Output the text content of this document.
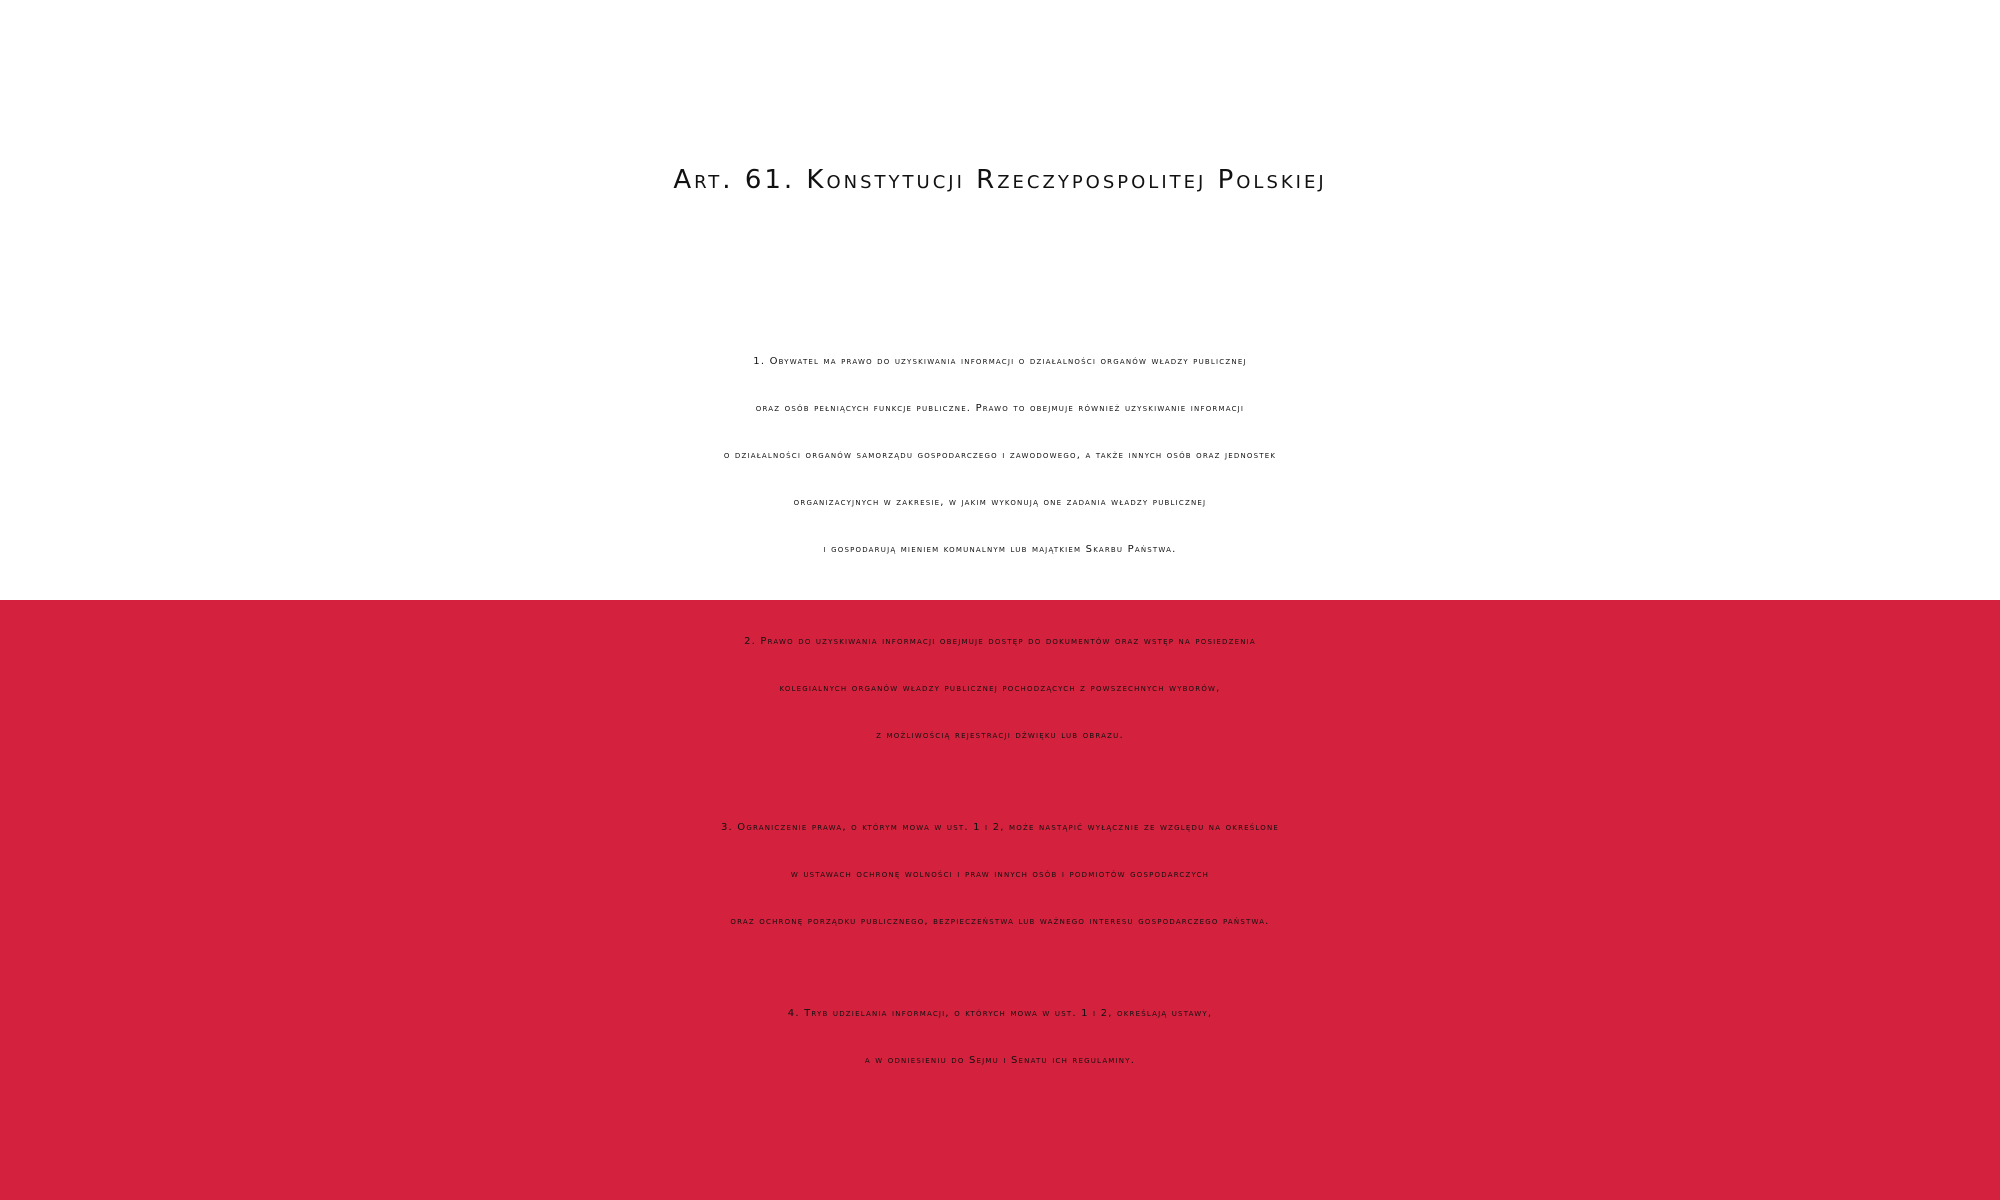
Art. 61. Konstytucji Rzeczypospolitej Polskiej
1. Obywatel ma prawo do uzyskiwania informacji o działalności organów władzy publicznej
oraz osób pełniących funkcje publiczne. Prawo to obejmuje również uzyskiwanie informacji
o działalności organów samorządu gospodarczego i zawodowego, a także innych osób oraz jednostek
organizacyjnych w zakresie, w jakim wykonują one zadania władzy publicznej
i gospodarują mieniem komunalnym lub majątkiem Skarbu Państwa.
2. Prawo do uzyskiwania informacji obejmuje dostęp do dokumentów oraz wstęp na posiedzenia
kolegialnych organów władzy publicznej pochodzących z powszechnych wyborów,
z możliwością rejestracji dźwięku lub obrazu.
3. Ograniczenie prawa, o którym mowa w ust. 1 i 2, może nastąpić wyłącznie ze względu na określone
w ustawach ochronę wolności i praw innych osób i podmiotów gospodarczych
oraz ochronę porządku publicznego, bezpieczeństwa lub ważnego interesu gospodarczego państwa.
4. Tryb udzielania informacji, o których mowa w ust. 1 i 2, określają ustawy,
a w odniesieniu do Sejmu i Senatu ich regulaminy.
